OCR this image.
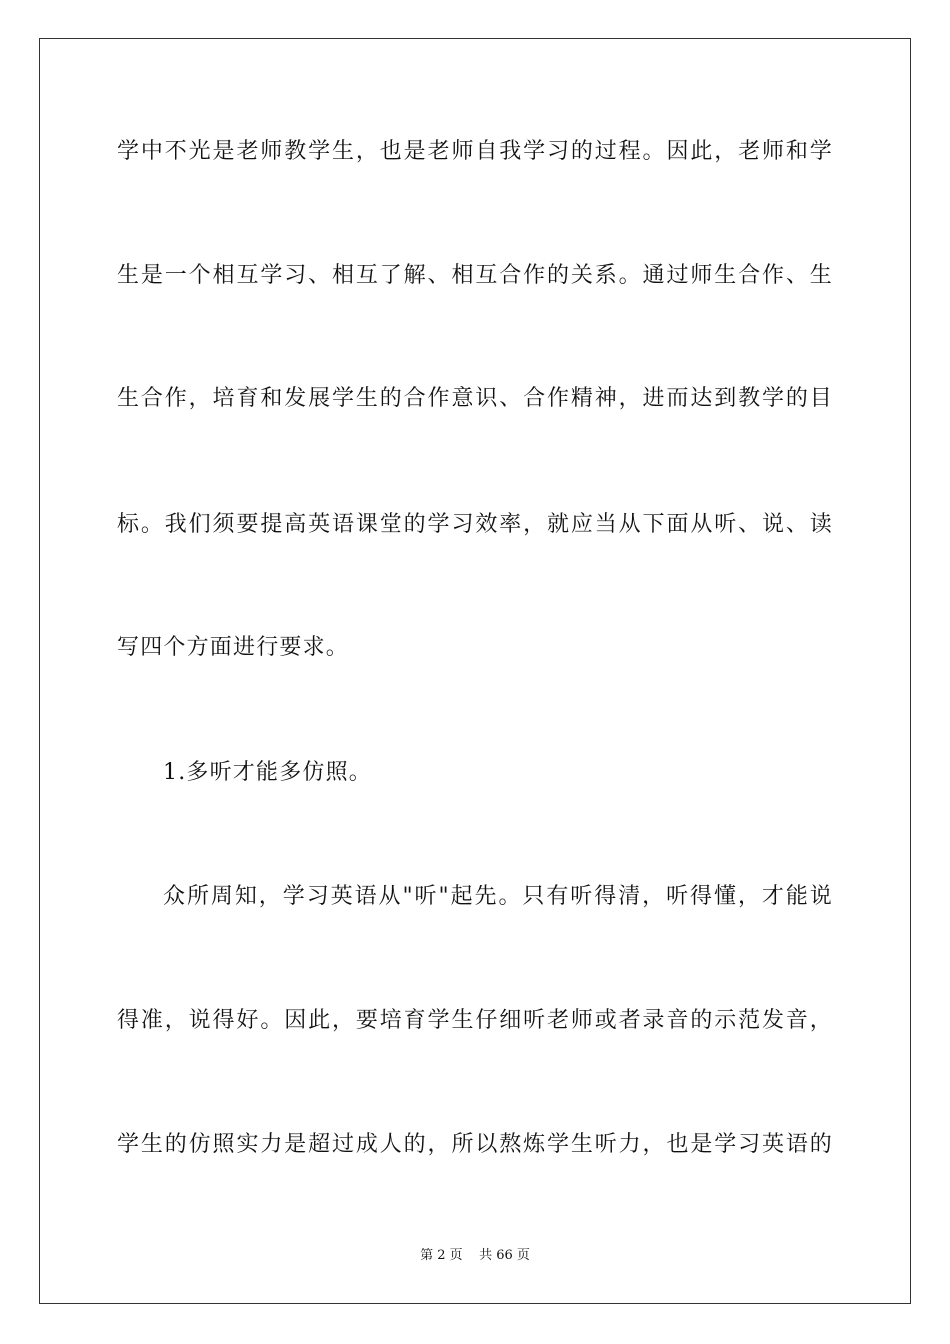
学中不光是老师教学生，也是老师自我学习的过程。因此，老师和学
生是一个相互学习、相互了解、相互合作的关系。通过师生合作、生
生合作，培育和发展学生的合作意识、合作精神，进而达到教学的目
标。我们须要提高英语课堂的学习效率，就应当从下面从听、说、读
写四个方面进行要求。
1.多听才能多仿照。
众所周知，学习英语从"听"起先。只有听得清，听得懂，才能说
得准，说得好。因此，要培育学生仔细听老师或者录音的示范发音，
学生的仿照实力是超过成人的，所以熬炼学生听力，也是学习英语的
第 2 页    共 66 页
